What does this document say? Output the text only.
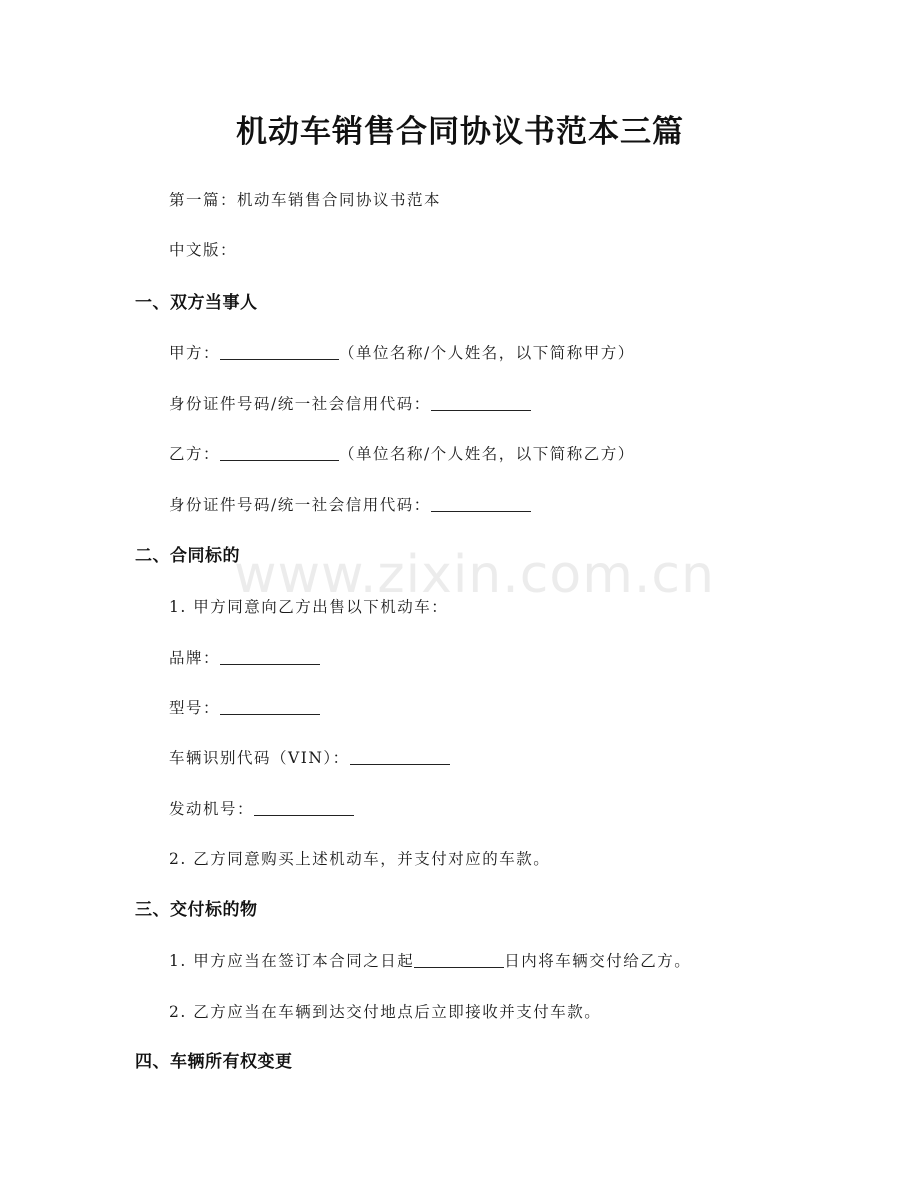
机动车销售合同协议书范本三篇
第一篇：机动车销售合同协议书范本
中文版：
一、双方当事人
甲方：	（单位名称/个人姓名，以下简称甲方）
身份证件号码/统一社会信用代码：
乙方：	（单位名称/个人姓名，以下简称乙方）
身份证件号码/统一社会信用代码：
二、合同标的
1. 甲方同意向乙方出售以下机动车：
品牌：
型号：
车辆识别代码（VIN）：
发动机号：
2. 乙方同意购买上述机动车，并支付对应的车款。
三、交付标的物
1. 甲方应当在签订本合同之日起	日内将车辆交付给乙方。
2. 乙方应当在车辆到达交付地点后立即接收并支付车款。
四、车辆所有权变更
www.zixin.com.cn
